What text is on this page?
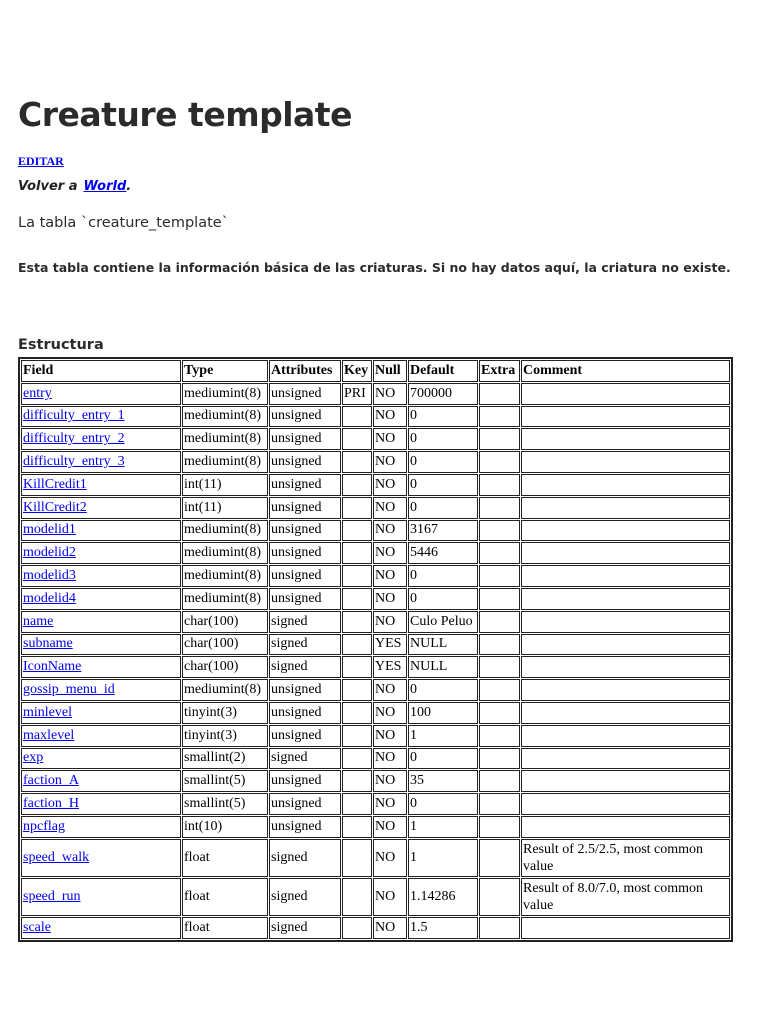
Creature template
EDITAR
Volver a World.
La tabla `creature_template`

Esta tabla contiene la información básica de las criaturas. Si no hay datos aquí, la criatura no existe.

Estructura
Field	Type	Attributes	Key	Null	Default	Extra	Comment
entry	mediumint(8)	unsigned	PRI	NO	700000		
difficulty_entry_1	mediumint(8)	unsigned		NO	0		
difficulty_entry_2	mediumint(8)	unsigned		NO	0		
difficulty_entry_3	mediumint(8)	unsigned		NO	0		
KillCredit1	int(11)	unsigned		NO	0		
KillCredit2	int(11)	unsigned		NO	0		
modelid1	mediumint(8)	unsigned		NO	3167		
modelid2	mediumint(8)	unsigned		NO	5446		
modelid3	mediumint(8)	unsigned		NO	0		
modelid4	mediumint(8)	unsigned		NO	0		
name	char(100)	signed		NO	Culo Peluo		
subname	char(100)	signed		YES	NULL		
IconName	char(100)	signed		YES	NULL		
gossip_menu_id	mediumint(8)	unsigned		NO	0		
minlevel	tinyint(3)	unsigned		NO	100		
maxlevel	tinyint(3)	unsigned		NO	1		
exp	smallint(2)	signed		NO	0		
faction_A	smallint(5)	unsigned		NO	35		
faction_H	smallint(5)	unsigned		NO	0		
npcflag	int(10)	unsigned		NO	1		
speed_walk	float	signed		NO	1		Result of 2.5/2.5, most common value
speed_run	float	signed		NO	1.14286		Result of 8.0/7.0, most common value
scale	float	signed		NO	1.5		
